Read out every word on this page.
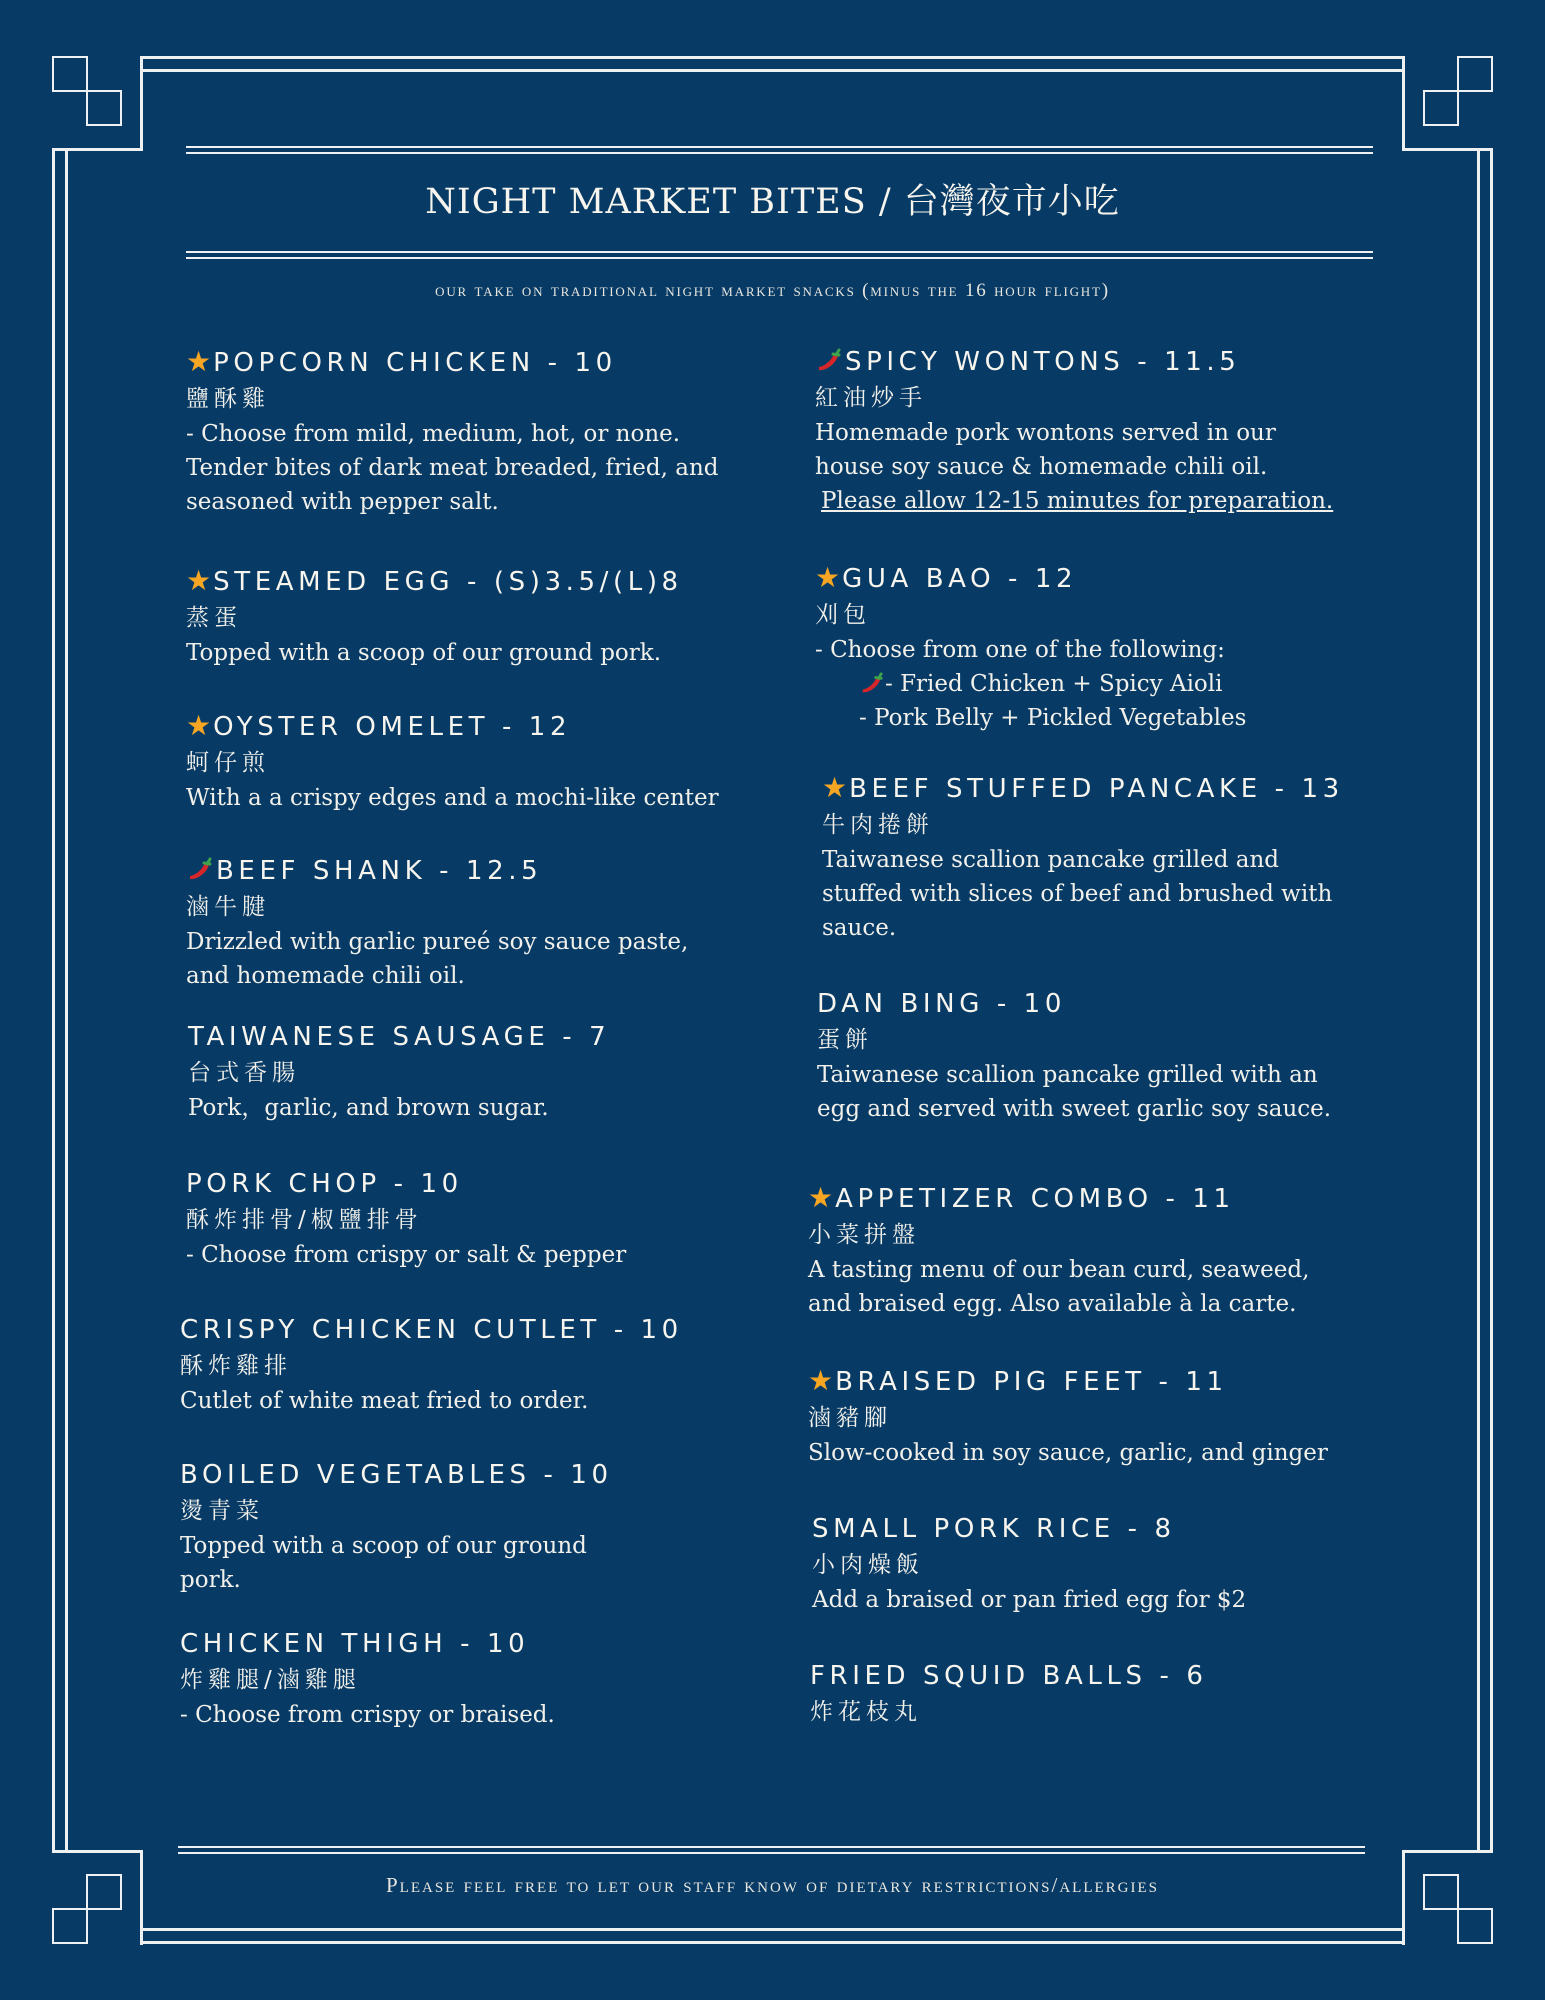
NIGHT MARKET BITES / 台灣夜市小吃
our take on traditional night market snacks (minus the 16 hour flight)
★POPCORN CHICKEN - 10
鹽酥雞
- Choose from mild, medium, hot, or none.
Tender bites of dark meat breaded, fried, and
seasoned with pepper salt.
★STEAMED EGG - (S)3.5/(L)8
蒸蛋
Topped with a scoop of our ground pork.
★OYSTER OMELET - 12
蚵仔煎
With a a crispy edges and a mochi-like center
BEEF SHANK - 12.5
滷牛腱
Drizzled with garlic pureé soy sauce paste,
and homemade chili oil.
TAIWANESE SAUSAGE - 7
台式香腸
Pork，garlic, and brown sugar.
PORK CHOP - 10
酥炸排骨/椒鹽排骨
- Choose from crispy or salt & pepper
CRISPY CHICKEN CUTLET - 10
酥炸雞排
Cutlet of white meat fried to order.
BOILED VEGETABLES - 10
燙青菜
Topped with a scoop of our ground
pork.
CHICKEN THIGH - 10
炸雞腿/滷雞腿
- Choose from crispy or braised.
SPICY WONTONS - 11.5
紅油炒手
Homemade pork wontons served in our
house soy sauce & homemade chili oil.
Please allow 12-15 minutes for preparation.
★GUA BAO - 12
刈包
- Choose from one of the following:
- Fried Chicken + Spicy Aioli
- Pork Belly + Pickled Vegetables
★BEEF STUFFED PANCAKE - 13
牛肉捲餅
Taiwanese scallion pancake grilled and
stuffed with slices of beef and brushed with
sauce.
DAN BING - 10
蛋餅
Taiwanese scallion pancake grilled with an
egg and served with sweet garlic soy sauce.
★APPETIZER COMBO - 11
小菜拼盤
A tasting menu of our bean curd, seaweed,
and braised egg. Also available à la carte.
★BRAISED PIG FEET - 11
滷豬腳
Slow-cooked in soy sauce, garlic, and ginger
SMALL PORK RICE - 8
小肉燥飯
Add a braised or pan fried egg for $2
FRIED SQUID BALLS - 6
炸花枝丸
Please feel free to let our staff know of dietary restrictions/allergies
